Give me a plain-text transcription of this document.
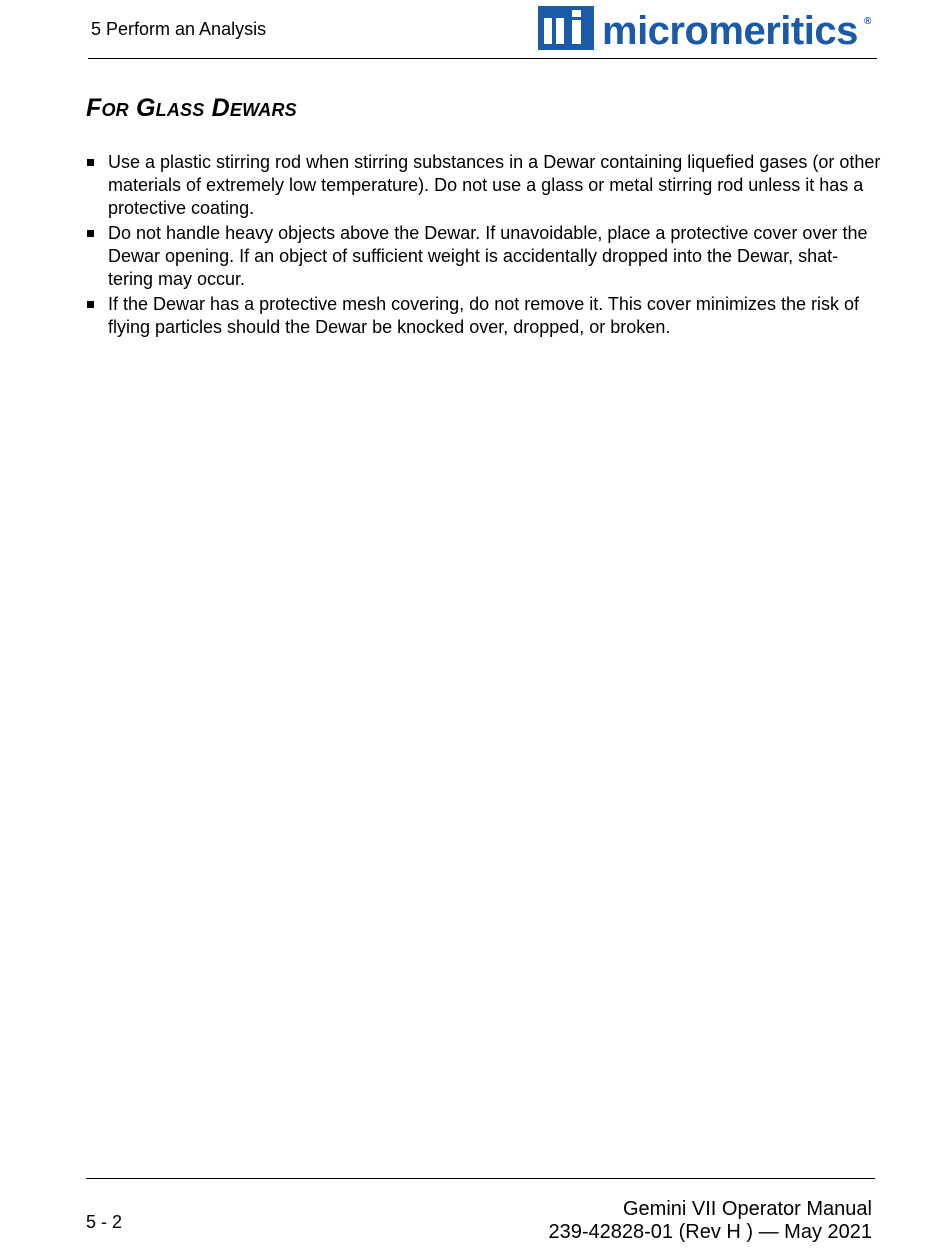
5 Perform an Analysis	micromeritics ®
For Glass Dewars
Use a plastic stirring rod when stirring substances in a Dewar containing liquefied gases (or other materials of extremely low temperature). Do not use a glass or metal stirring rod unless it has a protective coating.
Do not handle heavy objects above the Dewar. If unavoidable, place a protective cover over the Dewar opening. If an object of sufficient weight is accidentally dropped into the Dewar, shat-tering may occur.
If the Dewar has a protective mesh covering, do not remove it. This cover minimizes the risk of flying particles should the Dewar be knocked over, dropped, or broken.
5 - 2
Gemini VII Operator Manual
239-42828-01 (Rev H ) — May 2021
